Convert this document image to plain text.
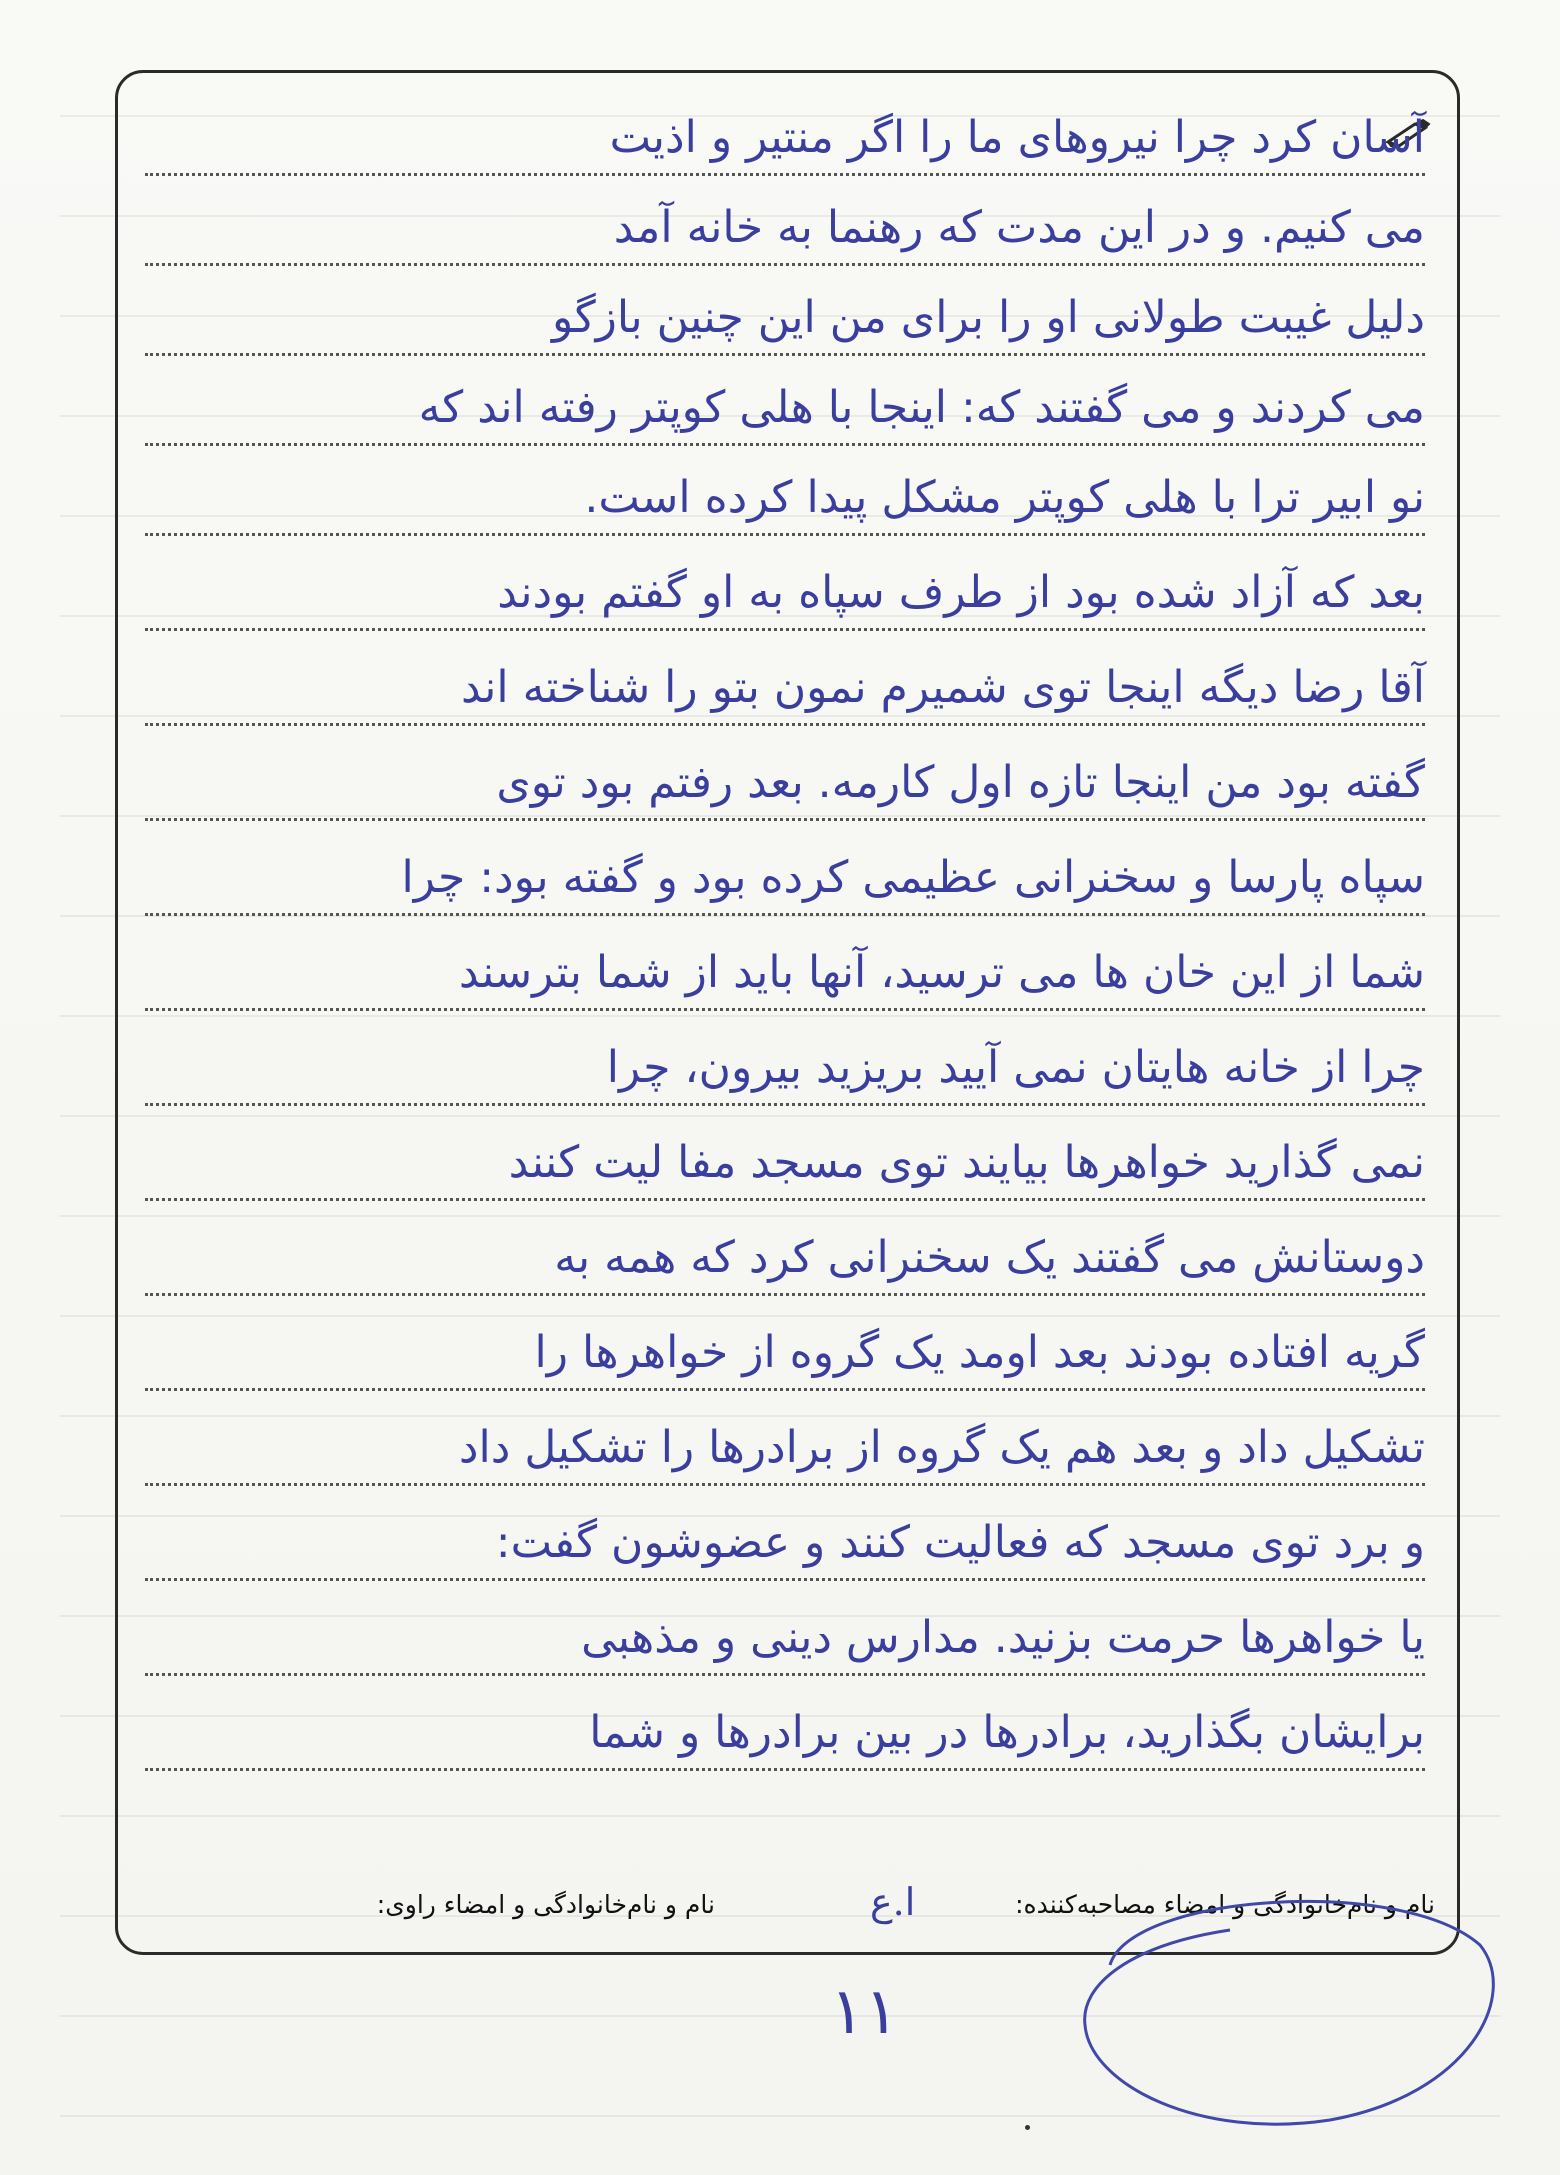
آسان کرد چرا نیروهای ما را اگر منتیر و اذیت
می کنیم. و در این مدت که رهنما به خانه آمد
دلیل غیبت طولانی او را برای من این چنین بازگو
می کردند و می گفتند که: اینجا با هلی کوپتر رفته اند که
نو ابیر ترا با هلی کوپتر مشکل پیدا کرده است.
بعد که آزاد شده بود از طرف سپاه به او گفتم بودند
آقا رضا دیگه اینجا توی شمیرم نمون بتو را شناخته اند
گفته بود من اینجا تازه اول کارمه. بعد رفتم بود توی
سپاه پارسا و سخنرانی عظیمی کرده بود و گفته بود: چرا
شما از این خان ها می ترسید، آنها باید از شما بترسند
چرا از خانه هایتان نمی آیید بریزید بیرون، چرا
نمی گذارید خواهرها بیایند توی مسجد مفا لیت کنند
دوستانش می گفتند یک سخنرانی کرد که همه به
گریه افتاده بودند بعد اومد یک گروه از خواهرها را
تشکیل داد و بعد هم یک گروه از برادرها را تشکیل داد
و برد توی مسجد که فعالیت کنند و عضوشون گفت:
یا خواهرها حرمت بزنید. مدارس دینی و مذهبی
برایشان بگذارید، برادرها در بین برادرها و شما
نام و نام‌خانوادگی و امضاء مصاحبه‌کننده:
نام و نام‌خانوادگی و امضاء راوی:	ا.ع
۱۱
